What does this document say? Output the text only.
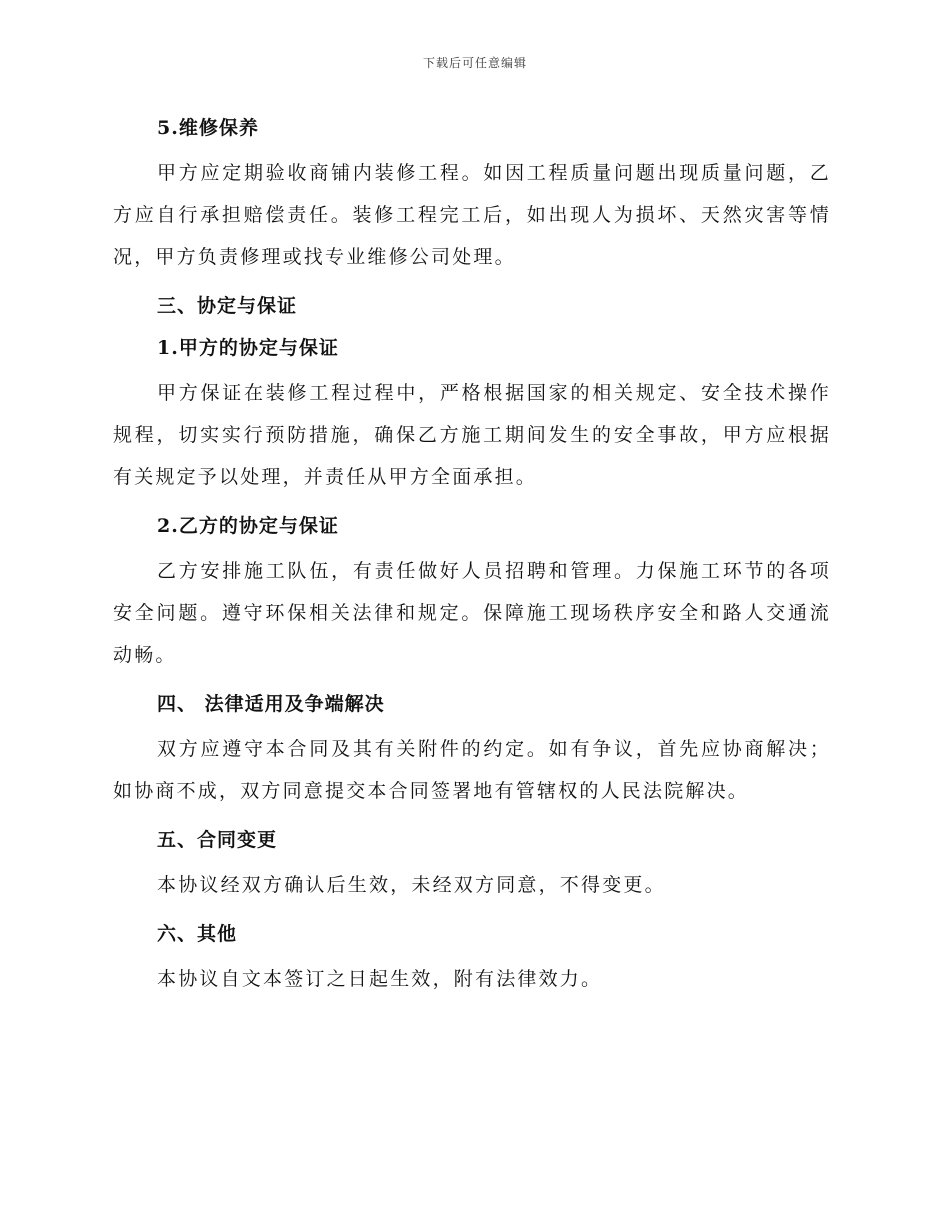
下载后可任意编辑
5.维修保养

甲方应定期验收商铺内装修工程。如因工程质量问题出现质量问题，乙方应自行承担赔偿责任。装修工程完工后，如出现人为损坏、天然灾害等情况，甲方负责修理或找专业维修公司处理。

三、协定与保证
1.甲方的协定与保证

甲方保证在装修工程过程中，严格根据国家的相关规定、安全技术操作规程，切实实行预防措施，确保乙方施工期间发生的安全事故，甲方应根据有关规定予以处理，并责任从甲方全面承担。

2.乙方的协定与保证

乙方安排施工队伍，有责任做好人员招聘和管理。力保施工环节的各项安全问题。遵守环保相关法律和规定。保障施工现场秩序安全和路人交通流动畅。

四、 法律适用及争端解决

双方应遵守本合同及其有关附件的约定。如有争议，首先应协商解决；如协商不成，双方同意提交本合同签署地有管辖权的人民法院解决。

五、合同变更

本协议经双方确认后生效，未经双方同意，不得变更。

六、其他

本协议自文本签订之日起生效，附有法律效力。
